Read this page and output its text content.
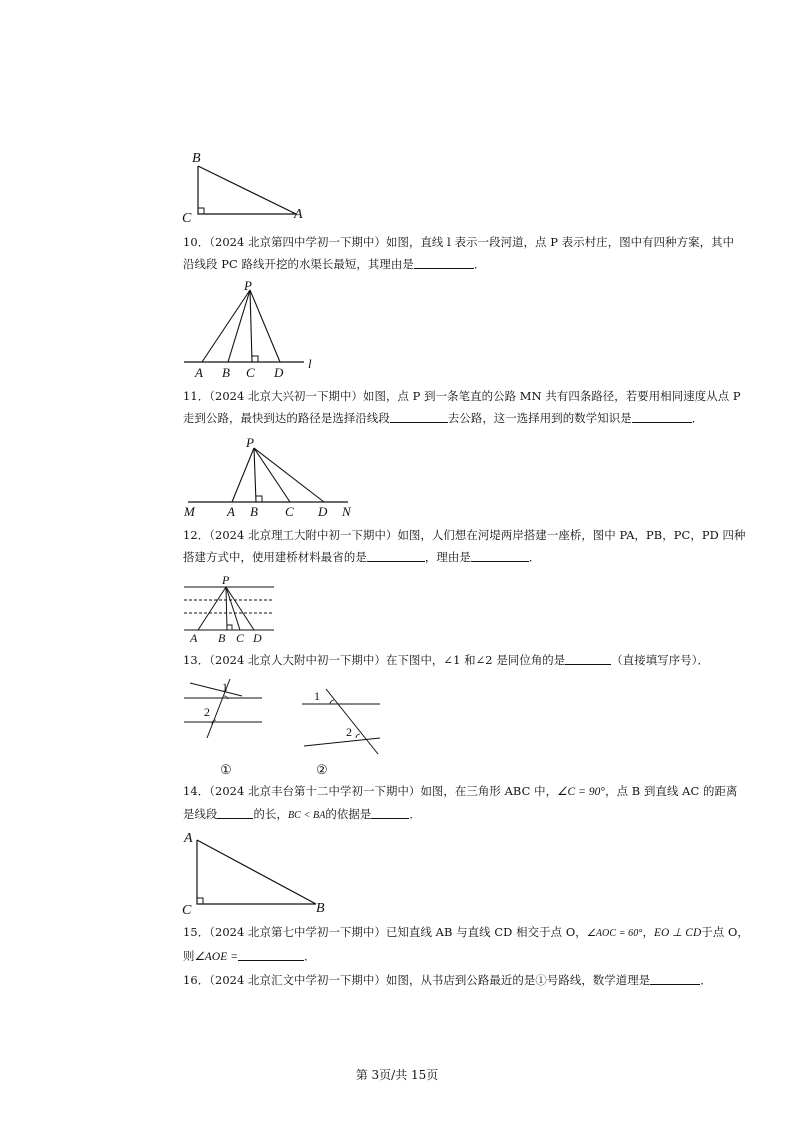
B
C	A
10．（2024 北京第四中学初一下期中）如图，直线 l 表示一段河道，点 P 表示村庄，图中有四种方案，其中
沿线段 PC 路线开挖的水渠长最短，其理由是	．
P
A B C D
l
11．（2024 北京大兴初一下期中）如图，点 P 到一条笔直的公路 MN 共有四条路径，若要用相同速度从点 P
走到公路，最快到达的路径是选择沿线段	去公路，这一选择用到的数学知识是	．
P
M A B C D N
12．（2024 北京理工大附中初一下期中）如图，人们想在河堤两岸搭建一座桥，图中 PA，PB，PC，PD 四种
搭建方式中，使用建桥材料最省的是	，理由是	．
P
A B C D
13．（2024 北京人大附中初一下期中）在下图中，∠1 和∠2 是同位角的是	（直接填写序号）．
1
2
1
2
①	②
14．（2024 北京丰台第十二中学初一下期中）如图，在三角形 ABC 中，∠C = 90°，点 B 到直线 AC 的距离
是线段	的长，BC < BA的依据是	．
A
C	B
15．（2024 北京第七中学初一下期中）已知直线 AB 与直线 CD 相交于点 O，∠AOC = 60°，EO ⊥ CD于点 O，
则∠AOE =	．
16．（2024 北京汇文中学初一下期中）如图，从书店到公路最近的是①号路线，数学道理是	．
第 3页/共 15页
